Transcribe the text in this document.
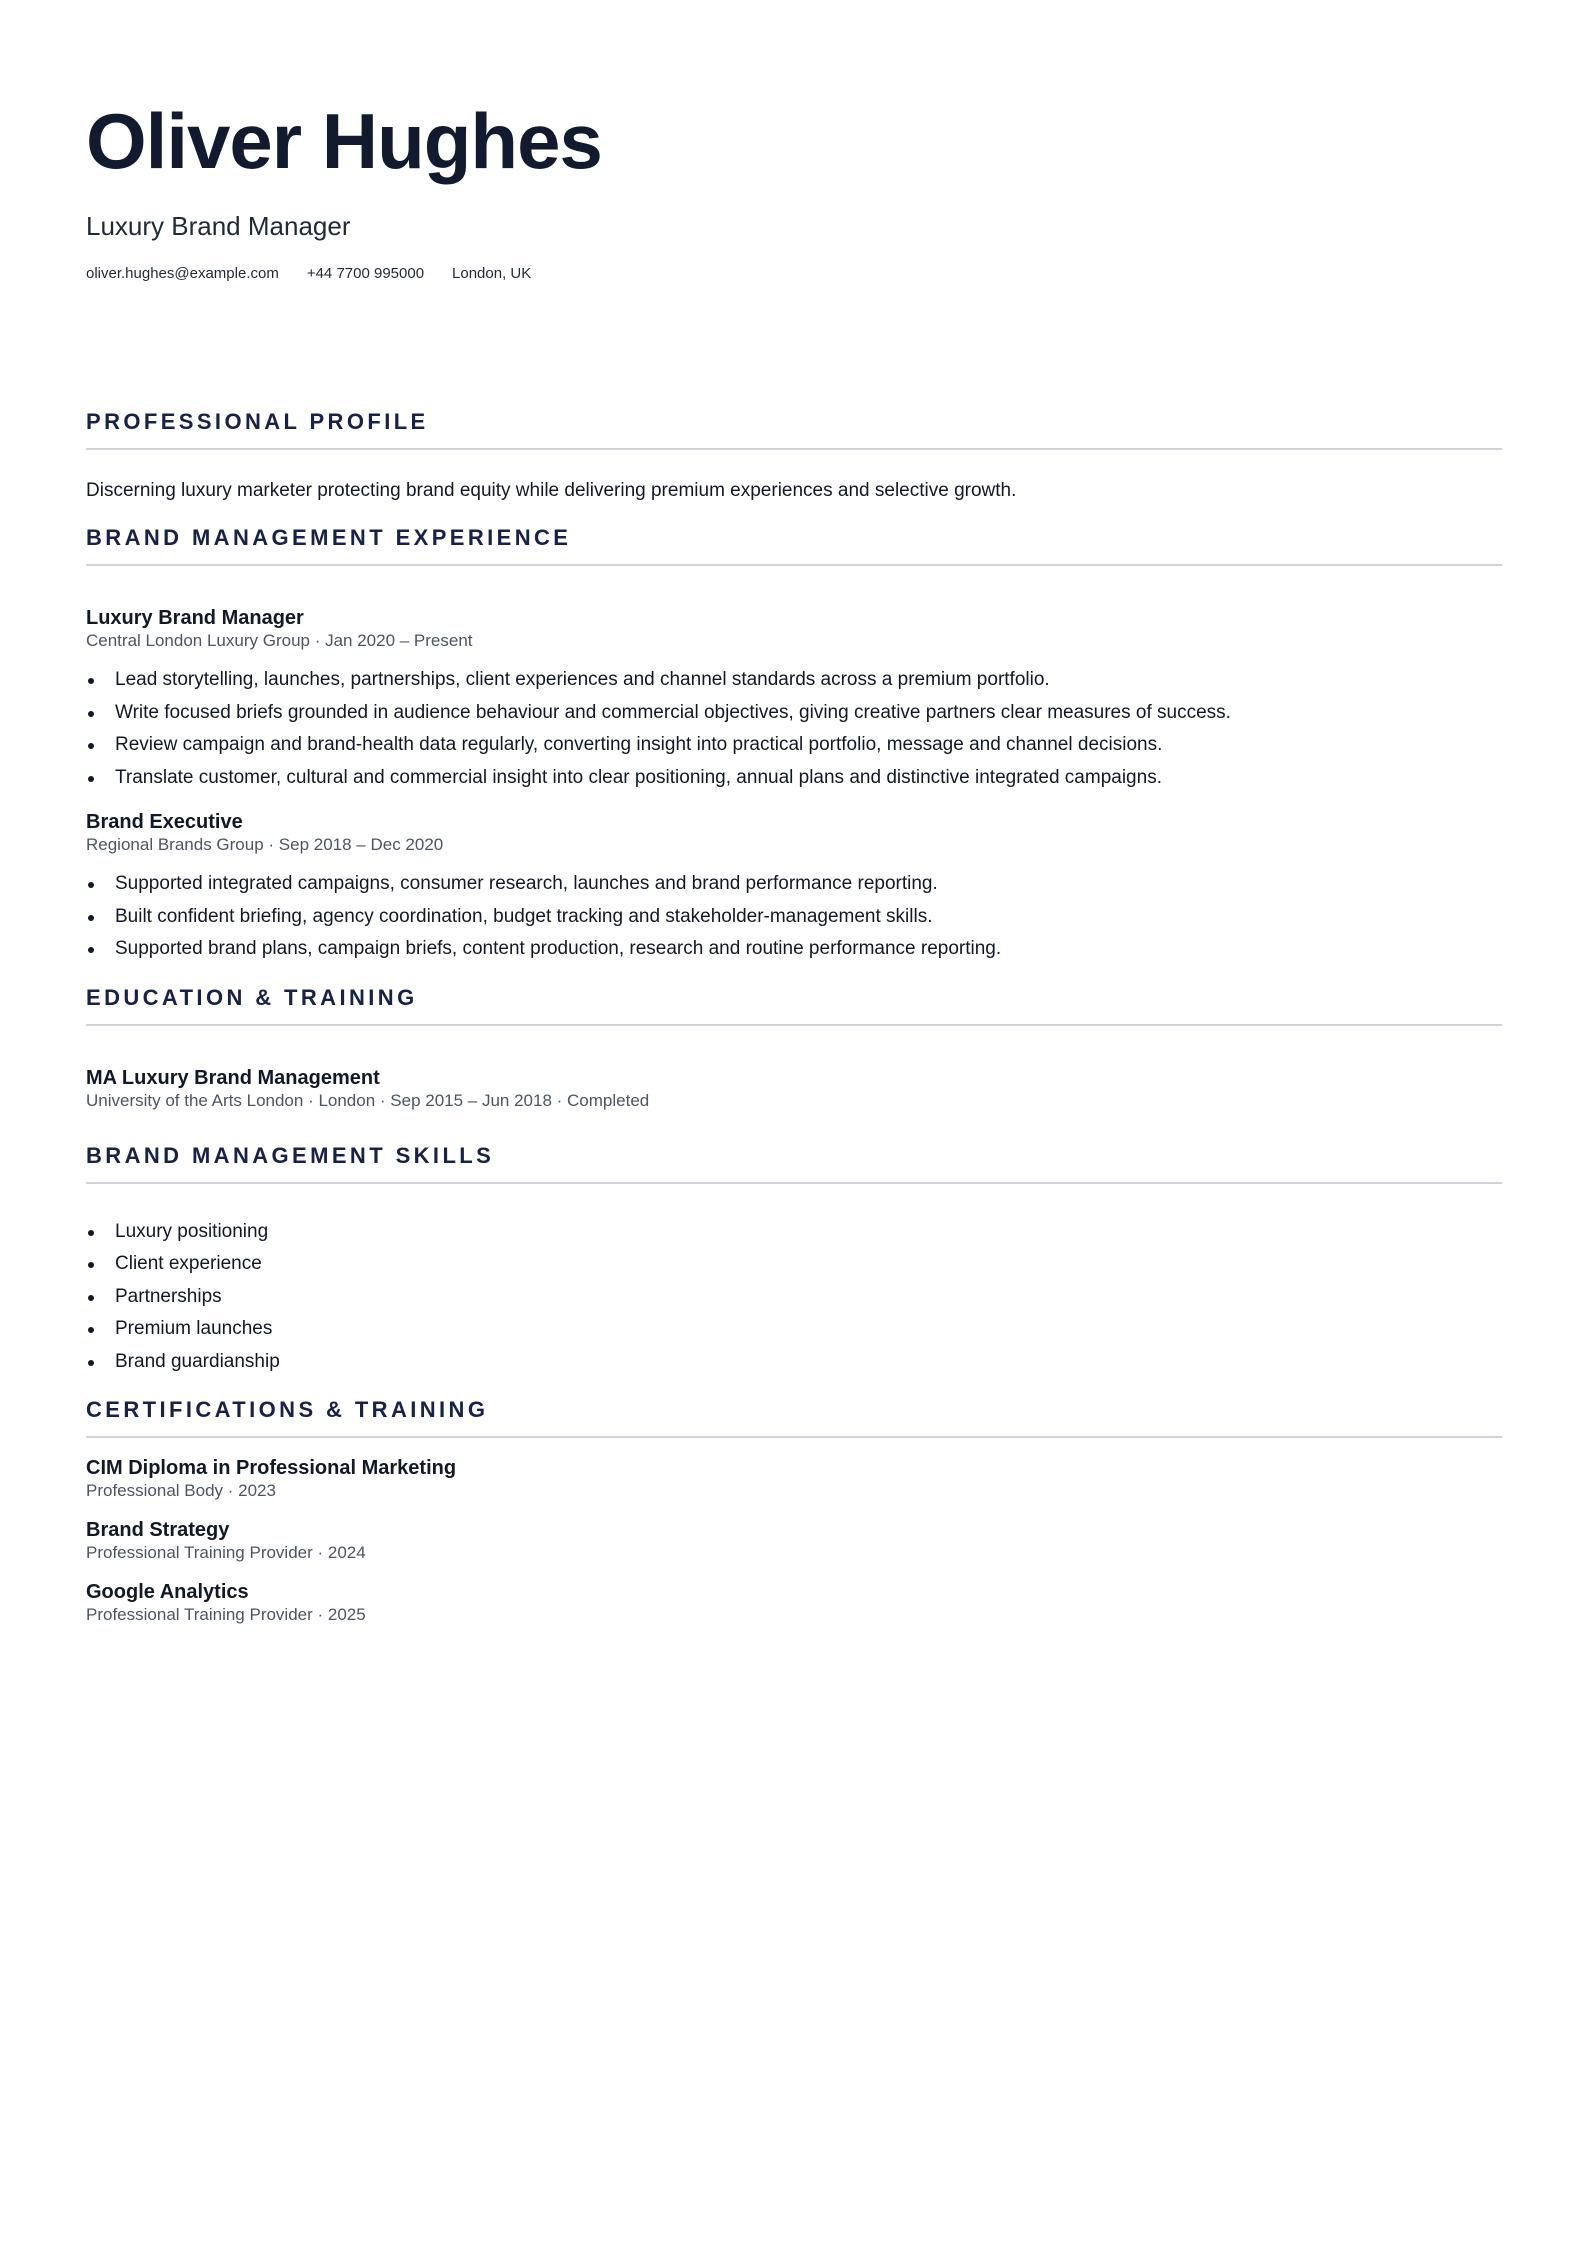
Oliver Hughes
Luxury Brand Manager
oliver.hughes@example.com +44 7700 995000 London, UK
PROFESSIONAL PROFILE

Discerning luxury marketer protecting brand equity while delivering premium experiences and selective growth.

BRAND MANAGEMENT EXPERIENCE
Luxury Brand Manager
Central London Luxury Group · Jan 2020 – Present
Lead storytelling, launches, partnerships, client experiences and channel standards across a premium portfolio.
Write focused briefs grounded in audience behaviour and commercial objectives, giving creative partners clear measures of success.
Review campaign and brand-health data regularly, converting insight into practical portfolio, message and channel decisions.
Translate customer, cultural and commercial insight into clear positioning, annual plans and distinctive integrated campaigns.
Brand Executive
Regional Brands Group · Sep 2018 – Dec 2020
Supported integrated campaigns, consumer research, launches and brand performance reporting.
Built confident briefing, agency coordination, budget tracking and stakeholder-management skills.
Supported brand plans, campaign briefs, content production, research and routine performance reporting.
EDUCATION & TRAINING
MA Luxury Brand Management
University of the Arts London · London · Sep 2015 – Jun 2018 · Completed
BRAND MANAGEMENT SKILLS
Luxury positioning
Client experience
Partnerships
Premium launches
Brand guardianship
CERTIFICATIONS & TRAINING
CIM Diploma in Professional Marketing
Professional Body · 2023
Brand Strategy
Professional Training Provider · 2024
Google Analytics
Professional Training Provider · 2025
